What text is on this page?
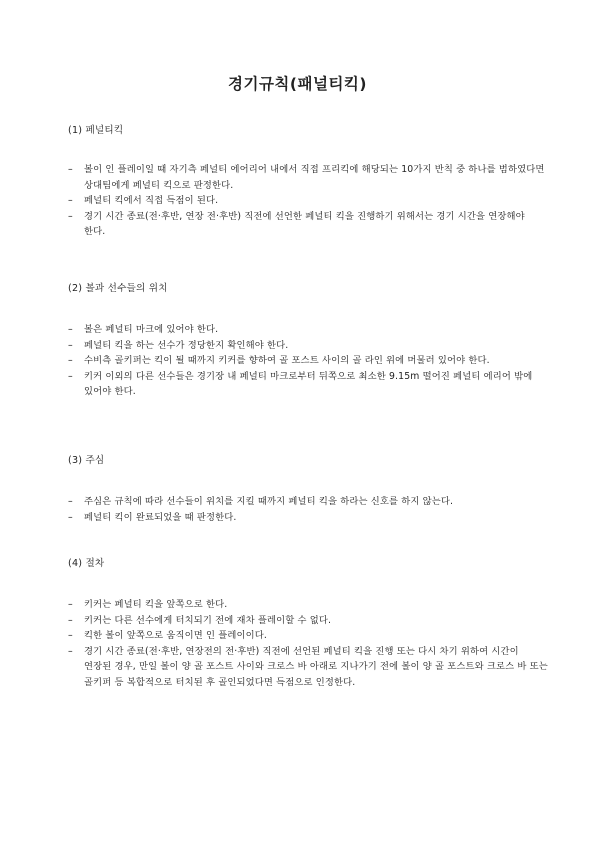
경기규칙(패널티킥)
(1) 페널티킥
– 볼이 인 플레이일 때 자기측 페널티 에어리어 내에서 직접 프리킥에 해당되는 10가지 반칙 중 하나를 범하였다면 상대팀에게 페널티 킥으로 판정한다.
– 페널티 킥에서 직접 득점이 된다.
– 경기 시간 종료(전·후반, 연장 전·후반) 직전에 선언한 페널티 킥을 진행하기 위해서는 경기 시간을 연장해야 한다.
(2) 볼과 선수들의 위치
– 볼은 페널티 마크에 있어야 한다.
– 페널티 킥을 하는 선수가 정당한지 확인해야 한다.
– 수비측 골키퍼는 킥이 될 때까지 키커를 향하여 골 포스트 사이의 골 라인 위에 머물러 있어야 한다.
– 키커 이외의 다른 선수들은 경기장 내 페널티 마크로부터 뒤쪽으로 최소한 9.15m 떨어진 페널티 에리어 밖에 있어야 한다.
(3) 주심
– 주심은 규칙에 따라 선수들이 위치를 지킬 때까지 페널티 킥을 하라는 신호를 하지 않는다.
– 페널티 킥이 완료되었을 때 판정한다.
(4) 절차
– 키커는 페널티 킥을 앞쪽으로 한다.
– 키커는 다른 선수에게 터치되기 전에 재차 플레이할 수 없다.
– 킥한 볼이 앞쪽으로 움직이면 인 플레이이다.
– 경기 시간 종료(전·후반, 연장전의 전·후반) 직전에 선언된 페널티 킥을 진행 또는 다시 차기 위하여 시간이 연장된 경우, 만일 볼이 양 골 포스트 사이와 크로스 바 아래로 지나가기 전에 볼이 양 골 포스트와 크로스 바 또는 골키퍼 등 복합적으로 터치된 후 골인되었다면 득점으로 인정한다.
